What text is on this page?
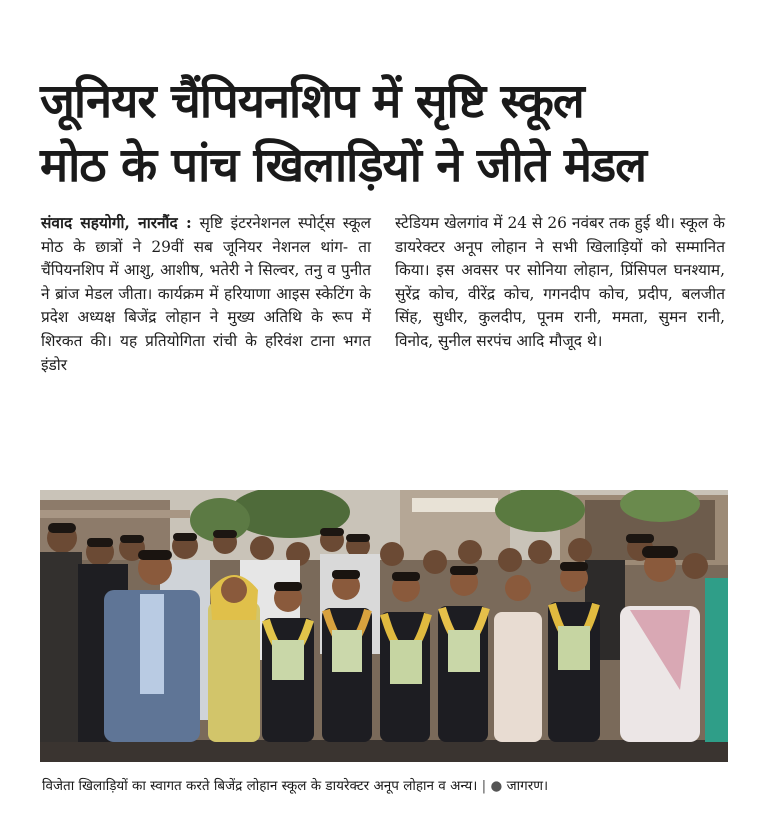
जूनियर चैंपियनशिप में सृष्टि स्कूल
मोठ के पांच खिलाड़ियों ने जीते मेडल
संवाद सहयोगी, नारनौंद : सृष्टि इंटरनेशनल स्पोर्ट्स स्कूल मोठ के छात्रों ने 29वीं सब जूनियर नेशनल थांग- ता चैंपियनशिप में आशु, आशीष, भतेरी ने सिल्वर, तनु व पुनीत ने ब्रांज मेडल जीता। कार्यक्रम में हरियाणा आइस स्केटिंग के प्रदेश अध्यक्ष बिजेंद्र लोहान ने मुख्य अतिथि के रूप में शिरकत की। यह प्रतियोगिता रांची के हरिवंश टाना भगत इंडोर
स्टेडियम खेलगांव में 24 से 26 नवंबर तक हुई थी। स्कूल के डायरेक्टर अनूप लोहान ने सभी खिलाड़ियों को सम्मानित किया। इस अवसर पर सोनिया लोहान, प्रिंसिपल घनश्याम, सुरेंद्र कोच, वीरेंद्र कोच, गगनदीप कोच, प्रदीप, बलजीत सिंह, सुधीर, कुलदीप, पूनम रानी, ममता, सुमन रानी, विनोद, सुनील सरपंच आदि मौजूद थे।
विजेता खिलाड़ियों का स्वागत करते बिजेंद्र लोहान स्कूल के डायरेक्टर अनूप लोहान व अन्य। | ● जागरण।
